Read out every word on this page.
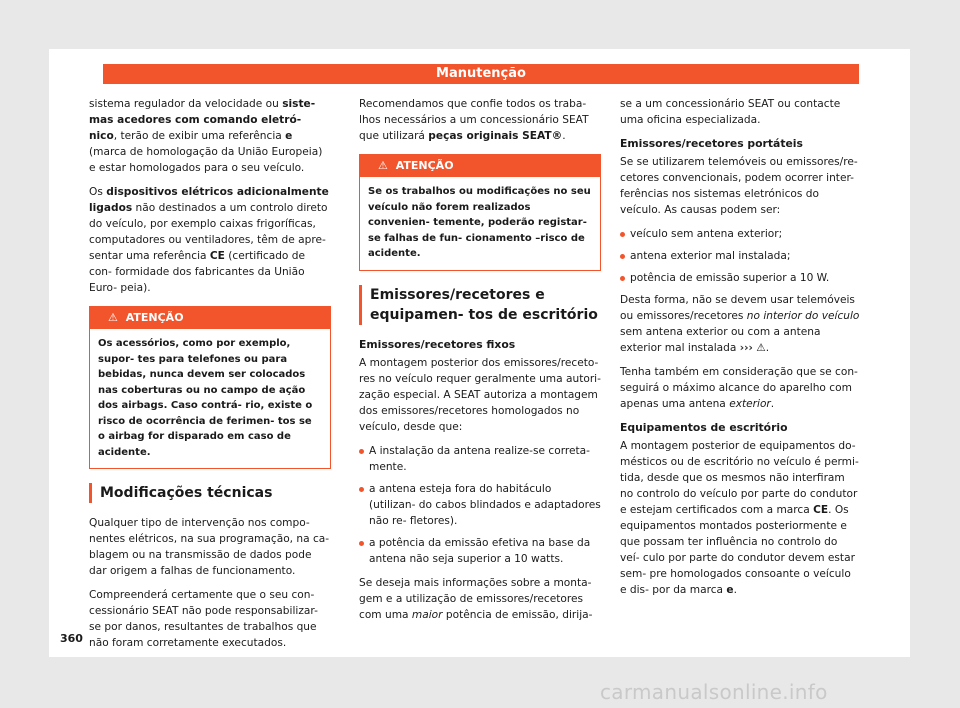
Manutenção

sistema regulador da velocidade ou siste- mas acedores com comando eletró- nico, terão de exibir uma referência e (marca de homologação da União Europeia) e estar homologados para o seu veículo.

Os dispositivos elétricos adicionalmente ligados não destinados a um controlo direto do veículo, por exemplo caixas frigoríficas, computadores ou ventiladores, têm de apre- sentar uma referência CE (certificado de con- formidade dos fabricantes da União Euro- peia).

⚠ ATENÇÃO
Os acessórios, como por exemplo, supor- tes para telefones ou para bebidas, nunca devem ser colocados nas coberturas ou no campo de ação dos airbags. Caso contrá- rio, existe o risco de ocorrência de ferimen- tos se o airbag for disparado em caso de acidente.
Modificações técnicas

Qualquer tipo de intervenção nos compo- nentes elétricos, na sua programação, na ca- blagem ou na transmissão de dados pode dar origem a falhas de funcionamento.

Compreenderá certamente que o seu con- cessionário SEAT não pode responsabilizar- se por danos, resultantes de trabalhos que não foram corretamente executados.

Recomendamos que confie todos os traba- lhos necessários a um concessionário SEAT que utilizará peças originais SEAT®.

⚠ ATENÇÃO
Se os trabalhos ou modificações no seu veículo não forem realizados convenien- temente, poderão registar-se falhas de fun- cionamento –risco de acidente.
Emissores/recetores e equipamen- tos de escritório
Emissores/recetores fixos

A montagem posterior dos emissores/receto- res no veículo requer geralmente uma autori- zação especial. A SEAT autoriza a montagem dos emissores/recetores homologados no veículo, desde que:

A instalação da antena realize-se correta- mente.
a antena esteja fora do habitáculo (utilizan- do cabos blindados e adaptadores não re- fletores).
a potência da emissão efetiva na base da antena não seja superior a 10 watts.

Se deseja mais informações sobre a monta- gem e a utilização de emissores/recetores com uma maior potência de emissão, dirija-

se a um concessionário SEAT ou contacte uma oficina especializada.

Emissores/recetores portáteis

Se se utilizarem telemóveis ou emissores/re- cetores convencionais, podem ocorrer inter- ferências nos sistemas eletrónicos do veículo. As causas podem ser:

veículo sem antena exterior;
antena exterior mal instalada;
potência de emissão superior a 10 W.

Desta forma, não se devem usar telemóveis ou emissores/recetores no interior do veículo sem antena exterior ou com a antena exterior mal instalada ››› ⚠.

Tenha também em consideração que se con- seguirá o máximo alcance do aparelho com apenas uma antena exterior.

Equipamentos de escritório

A montagem posterior de equipamentos do- mésticos ou de escritório no veículo é permi- tida, desde que os mesmos não interfiram no controlo do veículo por parte do condutor e estejam certificados com a marca CE. Os equipamentos montados posteriormente e que possam ter influência no controlo do veí- culo por parte do condutor devem estar sem- pre homologados consoante o veículo e dis- por da marca e.

360
carmanualsonline.info
